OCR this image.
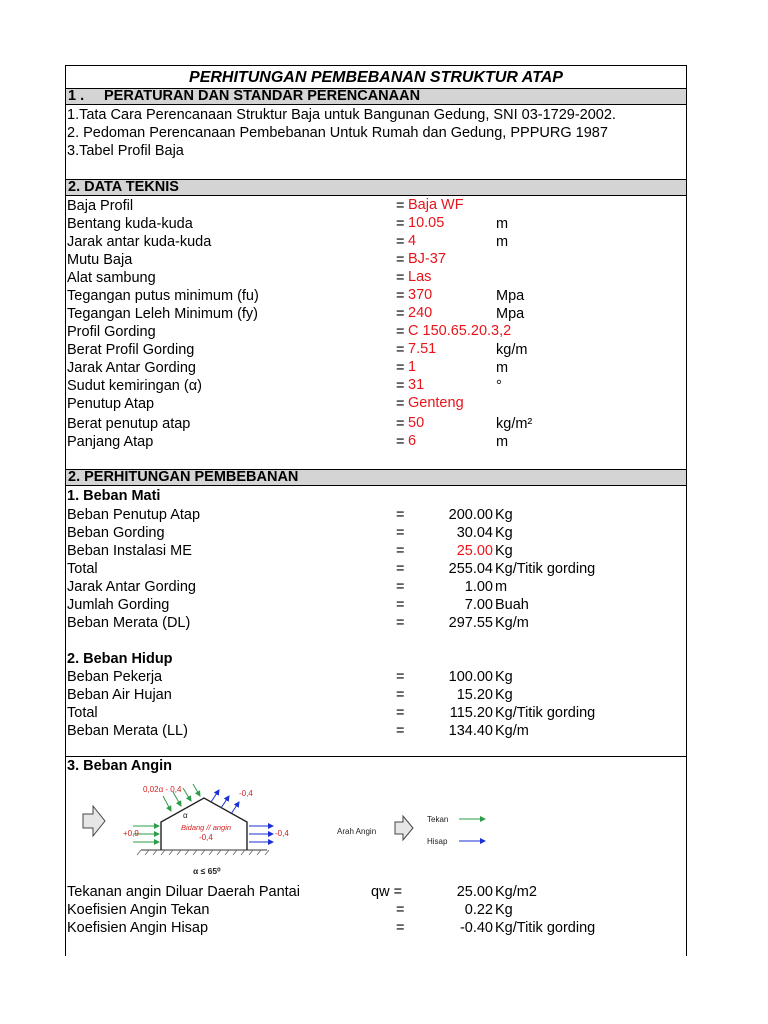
PERHITUNGAN PEMBEBANAN STRUKTUR ATAP
1 . PERATURAN DAN STANDAR PERENCANAAN
1.Tata Cara Perencanaan Struktur Baja untuk Bangunan Gedung, SNI 03-1729-2002.
2. Pedoman Perencanaan Pembebanan Untuk Rumah dan Gedung, PPPURG 1987
3.Tabel Profil Baja
2. DATA TEKNIS
Baja Profil	= Baja WF
Bentang kuda-kuda	= 10.05	m
Jarak antar kuda-kuda	= 4	m
Mutu Baja	= BJ-37
Alat sambung	= Las
Tegangan putus minimum (fu)	= 370	Mpa
Tegangan Leleh Minimum (fy)	= 240	Mpa
Profil Gording	= C 150.65.20.3,2
Berat Profil Gording	= 7.51	kg/m
Jarak Antar Gording	= 1	m
Sudut kemiringan (α)	= 31	°
Penutup Atap	= Genteng
Berat penutup atap	= 50	kg/m²
Panjang Atap	= 6	m
2. PERHITUNGAN PEMBEBANAN
1. Beban Mati
Beban Penutup Atap	=	200.00 Kg
Beban Gording	=	30.04 Kg
Beban Instalasi ME	=	25.00 Kg
Total	=	255.04 Kg/Titik gording
Jarak Antar Gording	=	1.00 m
Jumlah Gording	=	7.00 Buah
Beban Merata (DL)	=	297.55 Kg/m
2. Beban Hidup
Beban Pekerja	=	100.00 Kg
Beban Air Hujan	=	15.20 Kg
Total	=	115.20 Kg/Titik gording
Beban Merata (LL)	=	134.40 Kg/m
3. Beban Angin
0,02α - 0,4	-0,4
+0,9	-0,4
α
Bidang // angin
-0,4
α ≤ 65⁰
Arah Angin
Tekan
Hisap
Tekanan angin Diluar Daerah Pantai	qw =	25.00 Kg/m2
Koefisien Angin Tekan	=	0.22 Kg
Koefisien Angin Hisap	=	-0.40 Kg/Titik gording
